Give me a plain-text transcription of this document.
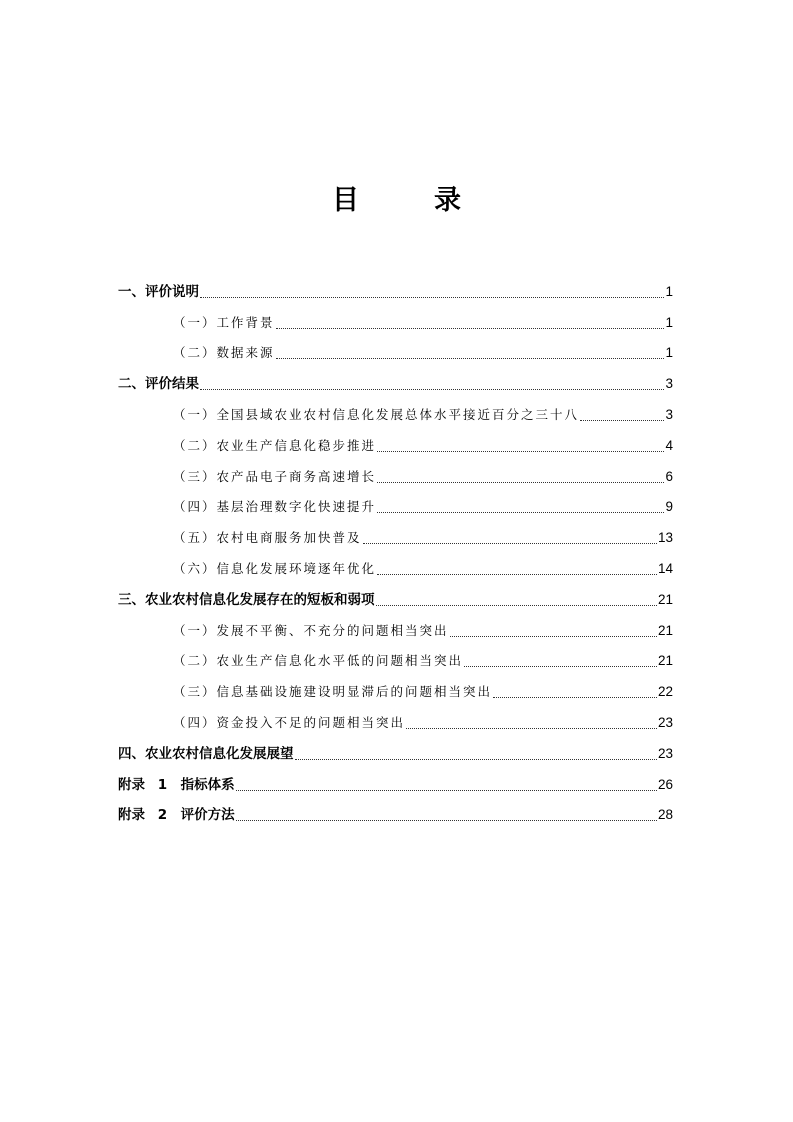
目　录
一、评价说明	1
（一）工作背景	1
（二）数据来源	1
二、评价结果	3
（一）全国县域农业农村信息化发展总体水平接近百分之三十八	3
（二）农业生产信息化稳步推进	4
（三）农产品电子商务高速增长	6
（四）基层治理数字化快速提升	9
（五）农村电商服务加快普及	13
（六）信息化发展环境逐年优化	14
三、农业农村信息化发展存在的短板和弱项	21
（一）发展不平衡、不充分的问题相当突出	21
（二）农业生产信息化水平低的问题相当突出	21
（三）信息基础设施建设明显滞后的问题相当突出	22
（四）资金投入不足的问题相当突出	23
四、农业农村信息化发展展望	23
附录 1　指标体系	26
附录 2　评价方法	28
